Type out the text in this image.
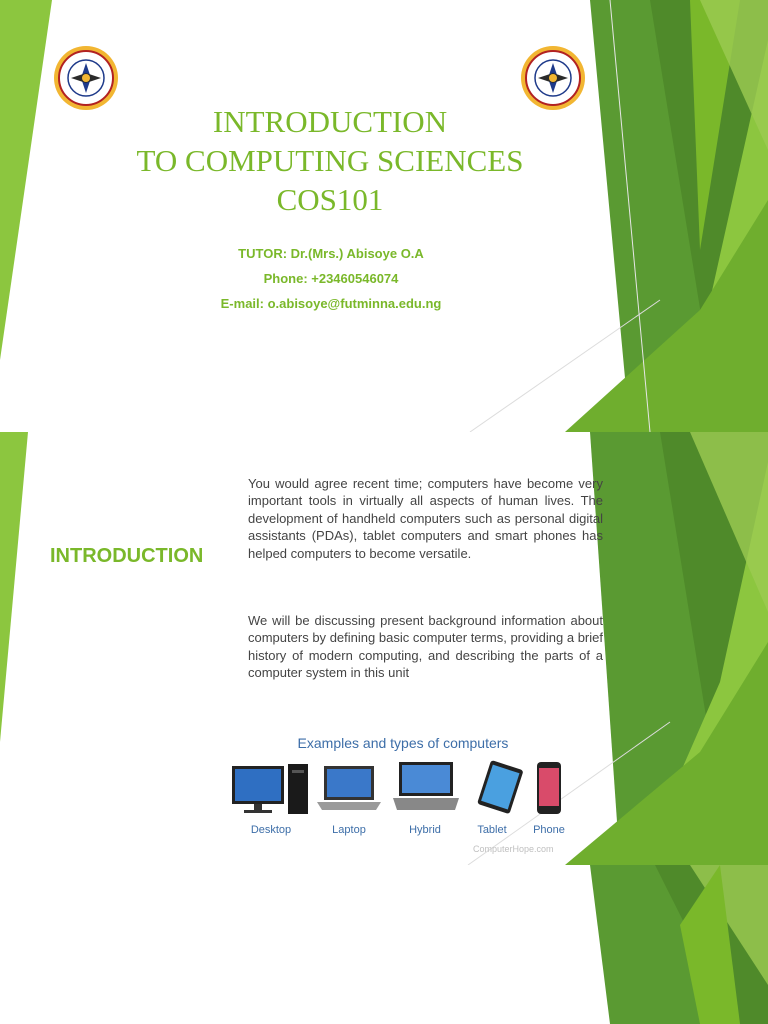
INTRODUCTION
TO COMPUTING SCIENCES
COS101
TUTOR: Dr.(Mrs.) Abisoye O.A
Phone: +23460546074
E-mail: o.abisoye@futminna.edu.ng
INTRODUCTION
You would agree recent time; computers have become very important tools in virtually all aspects of human lives. The development of handheld computers such as personal digital assistants (PDAs), tablet computers and smart phones has helped computers to become versatile.
We will be discussing present background information about computers by defining basic computer terms, providing a brief history of modern computing, and describing the parts of a computer system in this unit
Examples and types of computers
Desktop	Laptop	Hybrid	Tablet	Phone
ComputerHope.com
